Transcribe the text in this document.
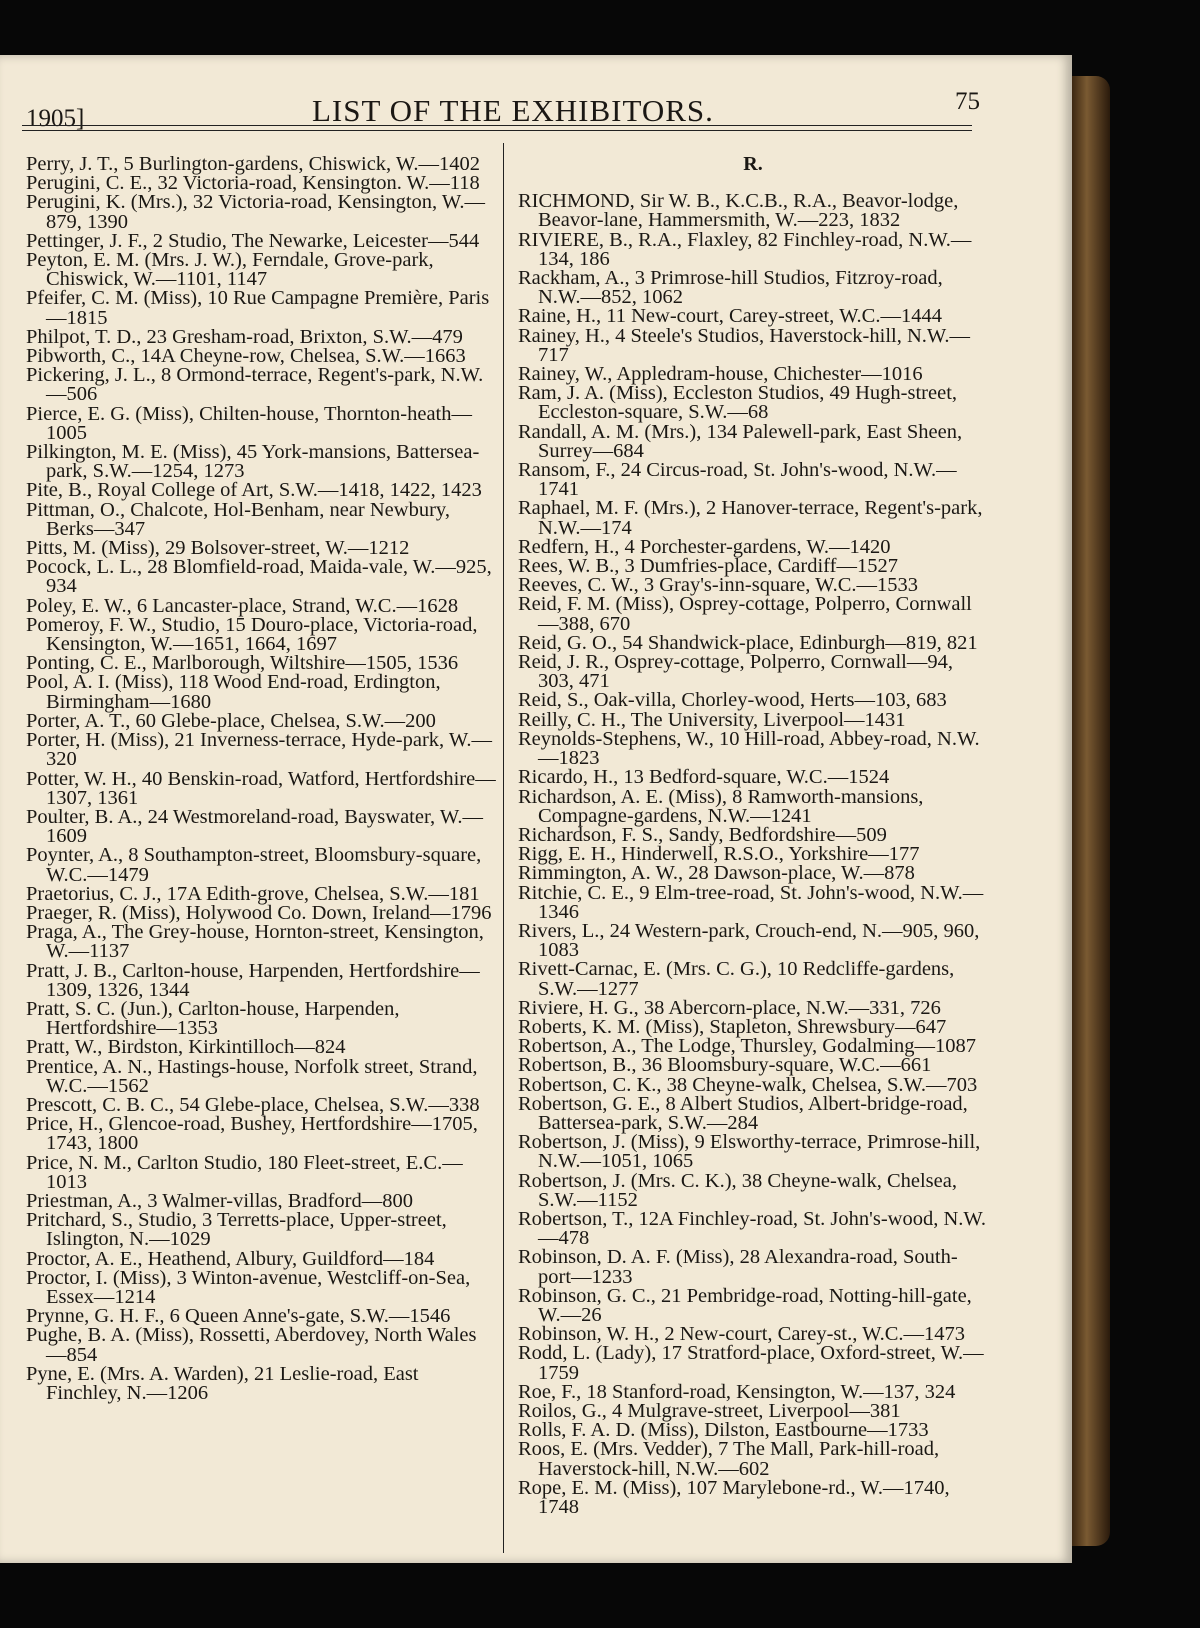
1905]	LIST OF THE EXHIBITORS.	75
Perry, J. T., 5 Burlington-gardens, Chiswick, W.—1402
Perugini, C. E., 32 Victoria-road, Kensington. W.—118
Perugini, K. (Mrs.), 32 Victoria-road, Kensington, W.—879, 1390
Pettinger, J. F., 2 Studio, The Newarke, Leicester—544
Peyton, E. M. (Mrs. J. W.), Ferndale, Grove-park, Chiswick, W.—1101, 1147
Pfeifer, C. M. (Miss), 10 Rue Campagne Première, Paris—1815
Philpot, T. D., 23 Gresham-road, Brixton, S.W.—479
Pibworth, C., 14A Cheyne-row, Chelsea, S.W.—1663
Pickering, J. L., 8 Ormond-terrace, Regent's-park, N.W.—506
Pierce, E. G. (Miss), Chilten-house, Thornton-heath—1005
Pilkington, M. E. (Miss), 45 York-mansions, Battersea-park, S.W.—1254, 1273
Pite, B., Royal College of Art, S.W.—1418, 1422, 1423
Pittman, O., Chalcote, Hol-Benham, near Newbury, Berks—347
Pitts, M. (Miss), 29 Bolsover-street, W.—1212
Pocock, L. L., 28 Blomfield-road, Maida-vale, W.—925, 934
Poley, E. W., 6 Lancaster-place, Strand, W.C.—1628
Pomeroy, F. W., Studio, 15 Douro-place, Victoria-road, Kensington, W.—1651, 1664, 1697
Ponting, C. E., Marlborough, Wiltshire—1505, 1536
Pool, A. I. (Miss), 118 Wood End-road, Erdington, Birmingham—1680
Porter, A. T., 60 Glebe-place, Chelsea, S.W.—200
Porter, H. (Miss), 21 Inverness-terrace, Hyde-park, W.—320
Potter, W. H., 40 Benskin-road, Watford, Hertfordshire—1307, 1361
Poulter, B. A., 24 Westmoreland-road, Bayswater, W.—1609
Poynter, A., 8 Southampton-street, Bloomsbury-square, W.C.—1479
Praetorius, C. J., 17A Edith-grove, Chelsea, S.W.—181
Praeger, R. (Miss), Holywood Co. Down, Ireland—1796
Praga, A., The Grey-house, Hornton-street, Kensington, W.—1137
Pratt, J. B., Carlton-house, Harpenden, Hertfordshire—1309, 1326, 1344
Pratt, S. C. (Jun.), Carlton-house, Harpenden, Hertfordshire—1353
Pratt, W., Birdston, Kirkintilloch—824
Prentice, A. N., Hastings-house, Norfolk street, Strand, W.C.—1562
Prescott, C. B. C., 54 Glebe-place, Chelsea, S.W.—338
Price, H., Glencoe-road, Bushey, Hertfordshire—1705, 1743, 1800
Price, N. M., Carlton Studio, 180 Fleet-street, E.C.—1013
Priestman, A., 3 Walmer-villas, Bradford—800
Pritchard, S., Studio, 3 Terretts-place, Upper-street, Islington, N.—1029
Proctor, A. E., Heathend, Albury, Guildford—184
Proctor, I. (Miss), 3 Winton-avenue, Westcliff-on-Sea, Essex—1214
Prynne, G. H. F., 6 Queen Anne's-gate, S.W.—1546
Pughe, B. A. (Miss), Rossetti, Aberdovey, North Wales—854
Pyne, E. (Mrs. A. Warden), 21 Leslie-road, East Finchley, N.—1206
R.
RICHMOND, Sir W. B., K.C.B., R.A., Beavor-lodge, Beavor-lane, Hammersmith, W.—223, 1832
RIVIERE, B., R.A., Flaxley, 82 Finchley-road, N.W.—134, 186
Rackham, A., 3 Primrose-hill Studios, Fitzroy-road, N.W.—852, 1062
Raine, H., 11 New-court, Carey-street, W.C.—1444
Rainey, H., 4 Steele's Studios, Haverstock-hill, N.W.—717
Rainey, W., Appledram-house, Chichester—1016
Ram, J. A. (Miss), Eccleston Studios, 49 Hugh-street, Eccleston-square, S.W.—68
Randall, A. M. (Mrs.), 134 Palewell-park, East Sheen, Surrey—684
Ransom, F., 24 Circus-road, St. John's-wood, N.W.—1741
Raphael, M. F. (Mrs.), 2 Hanover-terrace, Regent's-park, N.W.—174
Redfern, H., 4 Porchester-gardens, W.—1420
Rees, W. B., 3 Dumfries-place, Cardiff—1527
Reeves, C. W., 3 Gray's-inn-square, W.C.—1533
Reid, F. M. (Miss), Osprey-cottage, Polperro, Cornwall—388, 670
Reid, G. O., 54 Shandwick-place, Edinburgh—819, 821
Reid, J. R., Osprey-cottage, Polperro, Cornwall—94, 303, 471
Reid, S., Oak-villa, Chorley-wood, Herts—103, 683
Reilly, C. H., The University, Liverpool—1431
Reynolds-Stephens, W., 10 Hill-road, Abbey-road, N.W.—1823
Ricardo, H., 13 Bedford-square, W.C.—1524
Richardson, A. E. (Miss), 8 Ramworth-mansions, Compagne-gardens, N.W.—1241
Richardson, F. S., Sandy, Bedfordshire—509
Rigg, E. H., Hinderwell, R.S.O., Yorkshire—177
Rimmington, A. W., 28 Dawson-place, W.—878
Ritchie, C. E., 9 Elm-tree-road, St. John's-wood, N.W.—1346
Rivers, L., 24 Western-park, Crouch-end, N.—905, 960, 1083
Rivett-Carnac, E. (Mrs. C. G.), 10 Redcliffe-gardens, S.W.—1277
Riviere, H. G., 38 Abercorn-place, N.W.—331, 726
Roberts, K. M. (Miss), Stapleton, Shrewsbury—647
Robertson, A., The Lodge, Thursley, Godalming—1087
Robertson, B., 36 Bloomsbury-square, W.C.—661
Robertson, C. K., 38 Cheyne-walk, Chelsea, S.W.—703
Robertson, G. E., 8 Albert Studios, Albert-bridge-road, Battersea-park, S.W.—284
Robertson, J. (Miss), 9 Elsworthy-terrace, Primrose-hill, N.W.—1051, 1065
Robertson, J. (Mrs. C. K.), 38 Cheyne-walk, Chelsea, S.W.—1152
Robertson, T., 12A Finchley-road, St. John's-wood, N.W.—478
Robinson, D. A. F. (Miss), 28 Alexandra-road, South-port—1233
Robinson, G. C., 21 Pembridge-road, Notting-hill-gate, W.—26
Robinson, W. H., 2 New-court, Carey-st., W.C.—1473
Rodd, L. (Lady), 17 Stratford-place, Oxford-street, W.—1759
Roe, F., 18 Stanford-road, Kensington, W.—137, 324
Roilos, G., 4 Mulgrave-street, Liverpool—381
Rolls, F. A. D. (Miss), Dilston, Eastbourne—1733
Roos, E. (Mrs. Vedder), 7 The Mall, Park-hill-road, Haverstock-hill, N.W.—602
Rope, E. M. (Miss), 107 Marylebone-rd., W.—1740, 1748
